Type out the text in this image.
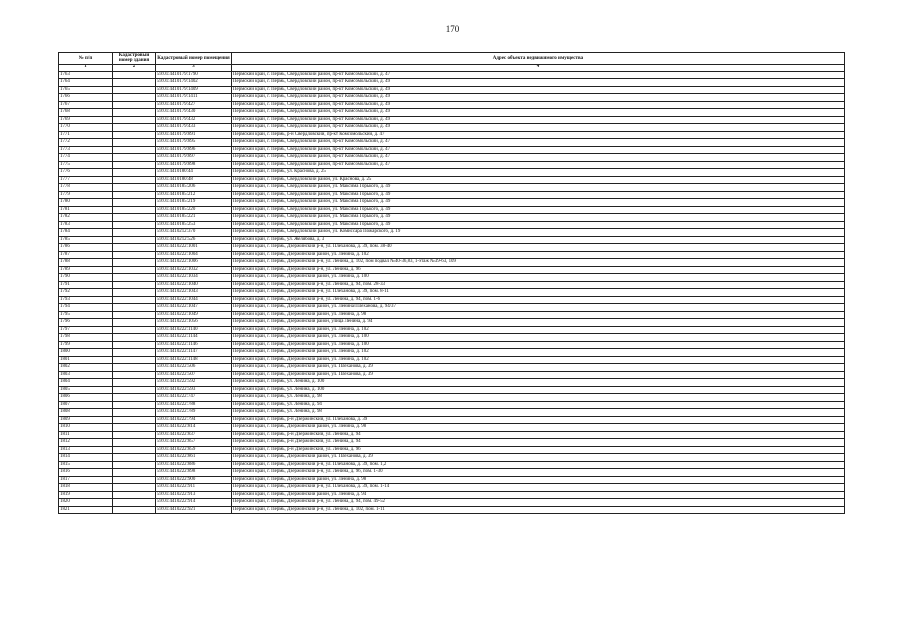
170
№ п/п	Кадастровый номер здания	Кадастровый номер помещения	Адрес объекта недвижимого имущества
1	2	3	4
1763		59:01:4410179:1790	Пермский край, г. Пермь, Свердловский район, пр-кт Комсомольский, д. 47
1764		59:01:4410179:1402	Пермский край, г. Пермь, Свердловский район, пр-кт Комсомольский, д. 49
1765		59:01:4410179:1409	Пермский край, г. Пермь, Свердловский район, пр-кт Комсомольский, д. 49
1766		59:01:4410179:1411	Пермский край, г. Пермь, Свердловский район, пр-кт Комсомольский, д. 49
1767		59:01:4410179:427	Пермский край, г. Пермь, Свердловский район, пр-кт Комсомольский, д. 49
1768		59:01:4410179:430	Пермский край, г. Пермь, Свердловский район, пр-кт Комсомольский, д. 49
1769		59:01:4410179:432	Пермский край, г. Пермь, Свердловский район, пр-кт Комсомольский, д. 49
1770		59:01:4410179:433	Пермский край, г. Пермь, Свердловский район, пр-кт Комсомольский, д. 49
1771		59:01:4410179:891	Пермский край, г. Пермь, р-н Свердловский, пр-кт Комсомольский, д. 47
1772		59:01:4410179:895	Пермский край, г. Пермь, Свердловский район, пр-кт Комсомольский, д. 47
1773		59:01:4410179:896	Пермский край, г. Пермь, Свердловский район, пр-кт Комсомольский, д. 47
1774		59:01:4410179:897	Пермский край, г. Пермь, Свердловский район, пр-кт Комсомольский, д. 47
1775		59:01:4410179:898	Пермский край, г. Пермь, Свердловский район, пр-кт Комсомольский, д. 47
1776		59:01:4410180:44	Пермский край, г. Пермь, ул. Краснова, д. 25
1777		59:01:4410180:48	Пермский край, г. Пермь, Свердловский район, ул. Краснова, д. 25
1778		59:01:4410185:206	Пермский край, г. Пермь, Свердловский район, ул. Максима Горького, д. 49
1779		59:01:4410185:212	Пермский край, г. Пермь, Свердловский район, ул. Максима Горького, д. 49
1780		59:01:4410185:219	Пермский край, г. Пермь, Свердловский район, ул. Максима Горького, д. 49
1781		59:01:4410185:220	Пермский край, г. Пермь, Свердловский район, ул. Максима Горького, д. 49
1782		59:01:4410185:221	Пермский край, г. Пермь, Свердловский район, ул. Максима Горького, д. 49
1783		59:01:4410185:253	Пермский край, г. Пермь, Свердловский район, ул. Максима Горького, д. 49
1784		59:01:4410212:370	Пермский край, г. Пермь, Свердловский район, ул. Комиссара Пожарского, д. 19
1785		59:01:4410212:526	Пермский край, г. Пермь, ул. Желябова, д. 3
1786		59:01:4410222:1001	Пермский край, г. Пермь, Дзержинский р-н, ул. Плеханова, д. 39, пом. 38-40
1787		59:01:4410222:1004	Пермский край, г. Пермь, Дзержинский район, ул. Ленина, д. 102
1788		59:01:4410222:1006	Пермский край, г. Пермь, Дзержинский р-н, ул. Ленина, д. 102, пом подвал №40-36,83, 1-этаж №39-63, 109
1789		59:01:4410222:1032	Пермский край, г. Пермь, Дзержинский р-н, ул. Ленина, д. 96
1790		59:01:4410222:1034	Пермский край, г. Пермь, Дзержинский район, ул. Ленина, д. 100
1791		59:01:4410222:1040	Пермский край, г. Пермь, Дзержинский р-н, ул. Ленина, д. 94, пом. 28-33
1792		59:01:4410222:1043	Пермский край, г. Пермь, Дзержинский р-н, ул. Плеханова, д. 39, пом. 8-11
1793		59:01:4410222:1044	Пермский край, г. Пермь, Дзержинский р-н, ул. Ленина, д. 94, пом. 1-6
1794		59:01:4410222:1047	Пермский край, г. Пермь, Дзержинский район, ул. Ленина/Плеханова, д. 94/37
1795		59:01:4410222:1049	Пермский край, г. Пермь, Дзержинский район, ул. Ленина, д. 98
1796		59:01:4410222:1056	Пермский край, г. Пермь, Дзержинский район, улица Ленина, д. 94
1797		59:01:4410222:1140	Пермский край, г. Пермь, Дзержинский район, ул. Ленина, д. 102
1798		59:01:4410222:1144	Пермский край, г. Пермь, Дзержинский район, ул. Ленина, д. 100
1799		59:01:4410222:1146	Пермский край, г. Пермь, Дзержинский район, ул. Ленина, д. 100
1800		59:01:4410222:1147	Пермский край, г. Пермь, Дзержинский район, ул. Ленина, д. 102
1801		59:01:4410222:1148	Пермский край, г. Пермь, Дзержинский район, ул. Ленина, д. 102
1802		59:01:4410222:506	Пермский край, г. Пермь, Дзержинский район, ул. Плеханова, д. 39
1803		59:01:4410222:507	Пермский край, г. Пермь, Дзержинский район, ул. Плеханова, д. 39
1804		59:01:4410222:592	Пермский край, г. Пермь, ул. Ленина, д. 100
1805		59:01:4410222:593	Пермский край, г. Пермь, ул. Ленина, д. 100
1806		59:01:4410222:747	Пермский край, г. Пермь, ул. Ленина, д. 98
1807		59:01:4410222:788	Пермский край, г. Пермь, ул. Ленина, д. 94
1808		59:01:4410222:789	Пермский край, г. Пермь, ул. Ленина, д. 98
1809		59:01:4410222:794	Пермский край, г. Пермь, р-н Дзержинский, ул. Плеханова, д. 39
1810		59:01:4410222:814	Пермский край, г. Пермь, Дзержинский район, ул. Ленина, д. 98
1811		59:01:4410222:837	Пермский край, г. Пермь, р-н Дзержинский, ул. Ленина, д. 94
1812		59:01:4410222:857	Пермский край, г. Пермь, р-н Дзержинский, ул. Ленина, д. 94
1813		59:01:4410222:859	Пермский край, г. Пермь, р-н Дзержинский, ул. Ленина, д. 96
1814		59:01:4410222:861	Пермский край, г. Пермь, Дзержинский район, ул. Плеханова, д. 39
1815		59:01:4410222:886	Пермский край, г. Пермь, Дзержинский р-н, ул. Плеханова, д. 39, пом. 1,2
1816		59:01:4410222:898	Пермский край, г. Пермь, Дзержинский р-н, ул. Ленина, д. 96, пом. 1-30
1817		59:01:4410222:900	Пермский край, г. Пермь, Дзержинский район, ул. Ленина, д. 98
1818		59:01:4410222:911	Пермский край, г. Пермь, Дзержинский р-н, ул. Плеханова, д. 39, пом. 1-14
1819		59:01:4410222:913	Пермский край, г. Пермь, Дзержинский район, ул. Ленина, д. 94
1820		59:01:4410222:914	Пермский край, г. Пермь, Дзержинский р-н, ул. Ленина, д. 94, пом. 49-52
1821		59:01:4410222:921	Пермский край, г. Пермь, Дзержинский р-н, ул. Ленина, д. 102, пом. 1-11
